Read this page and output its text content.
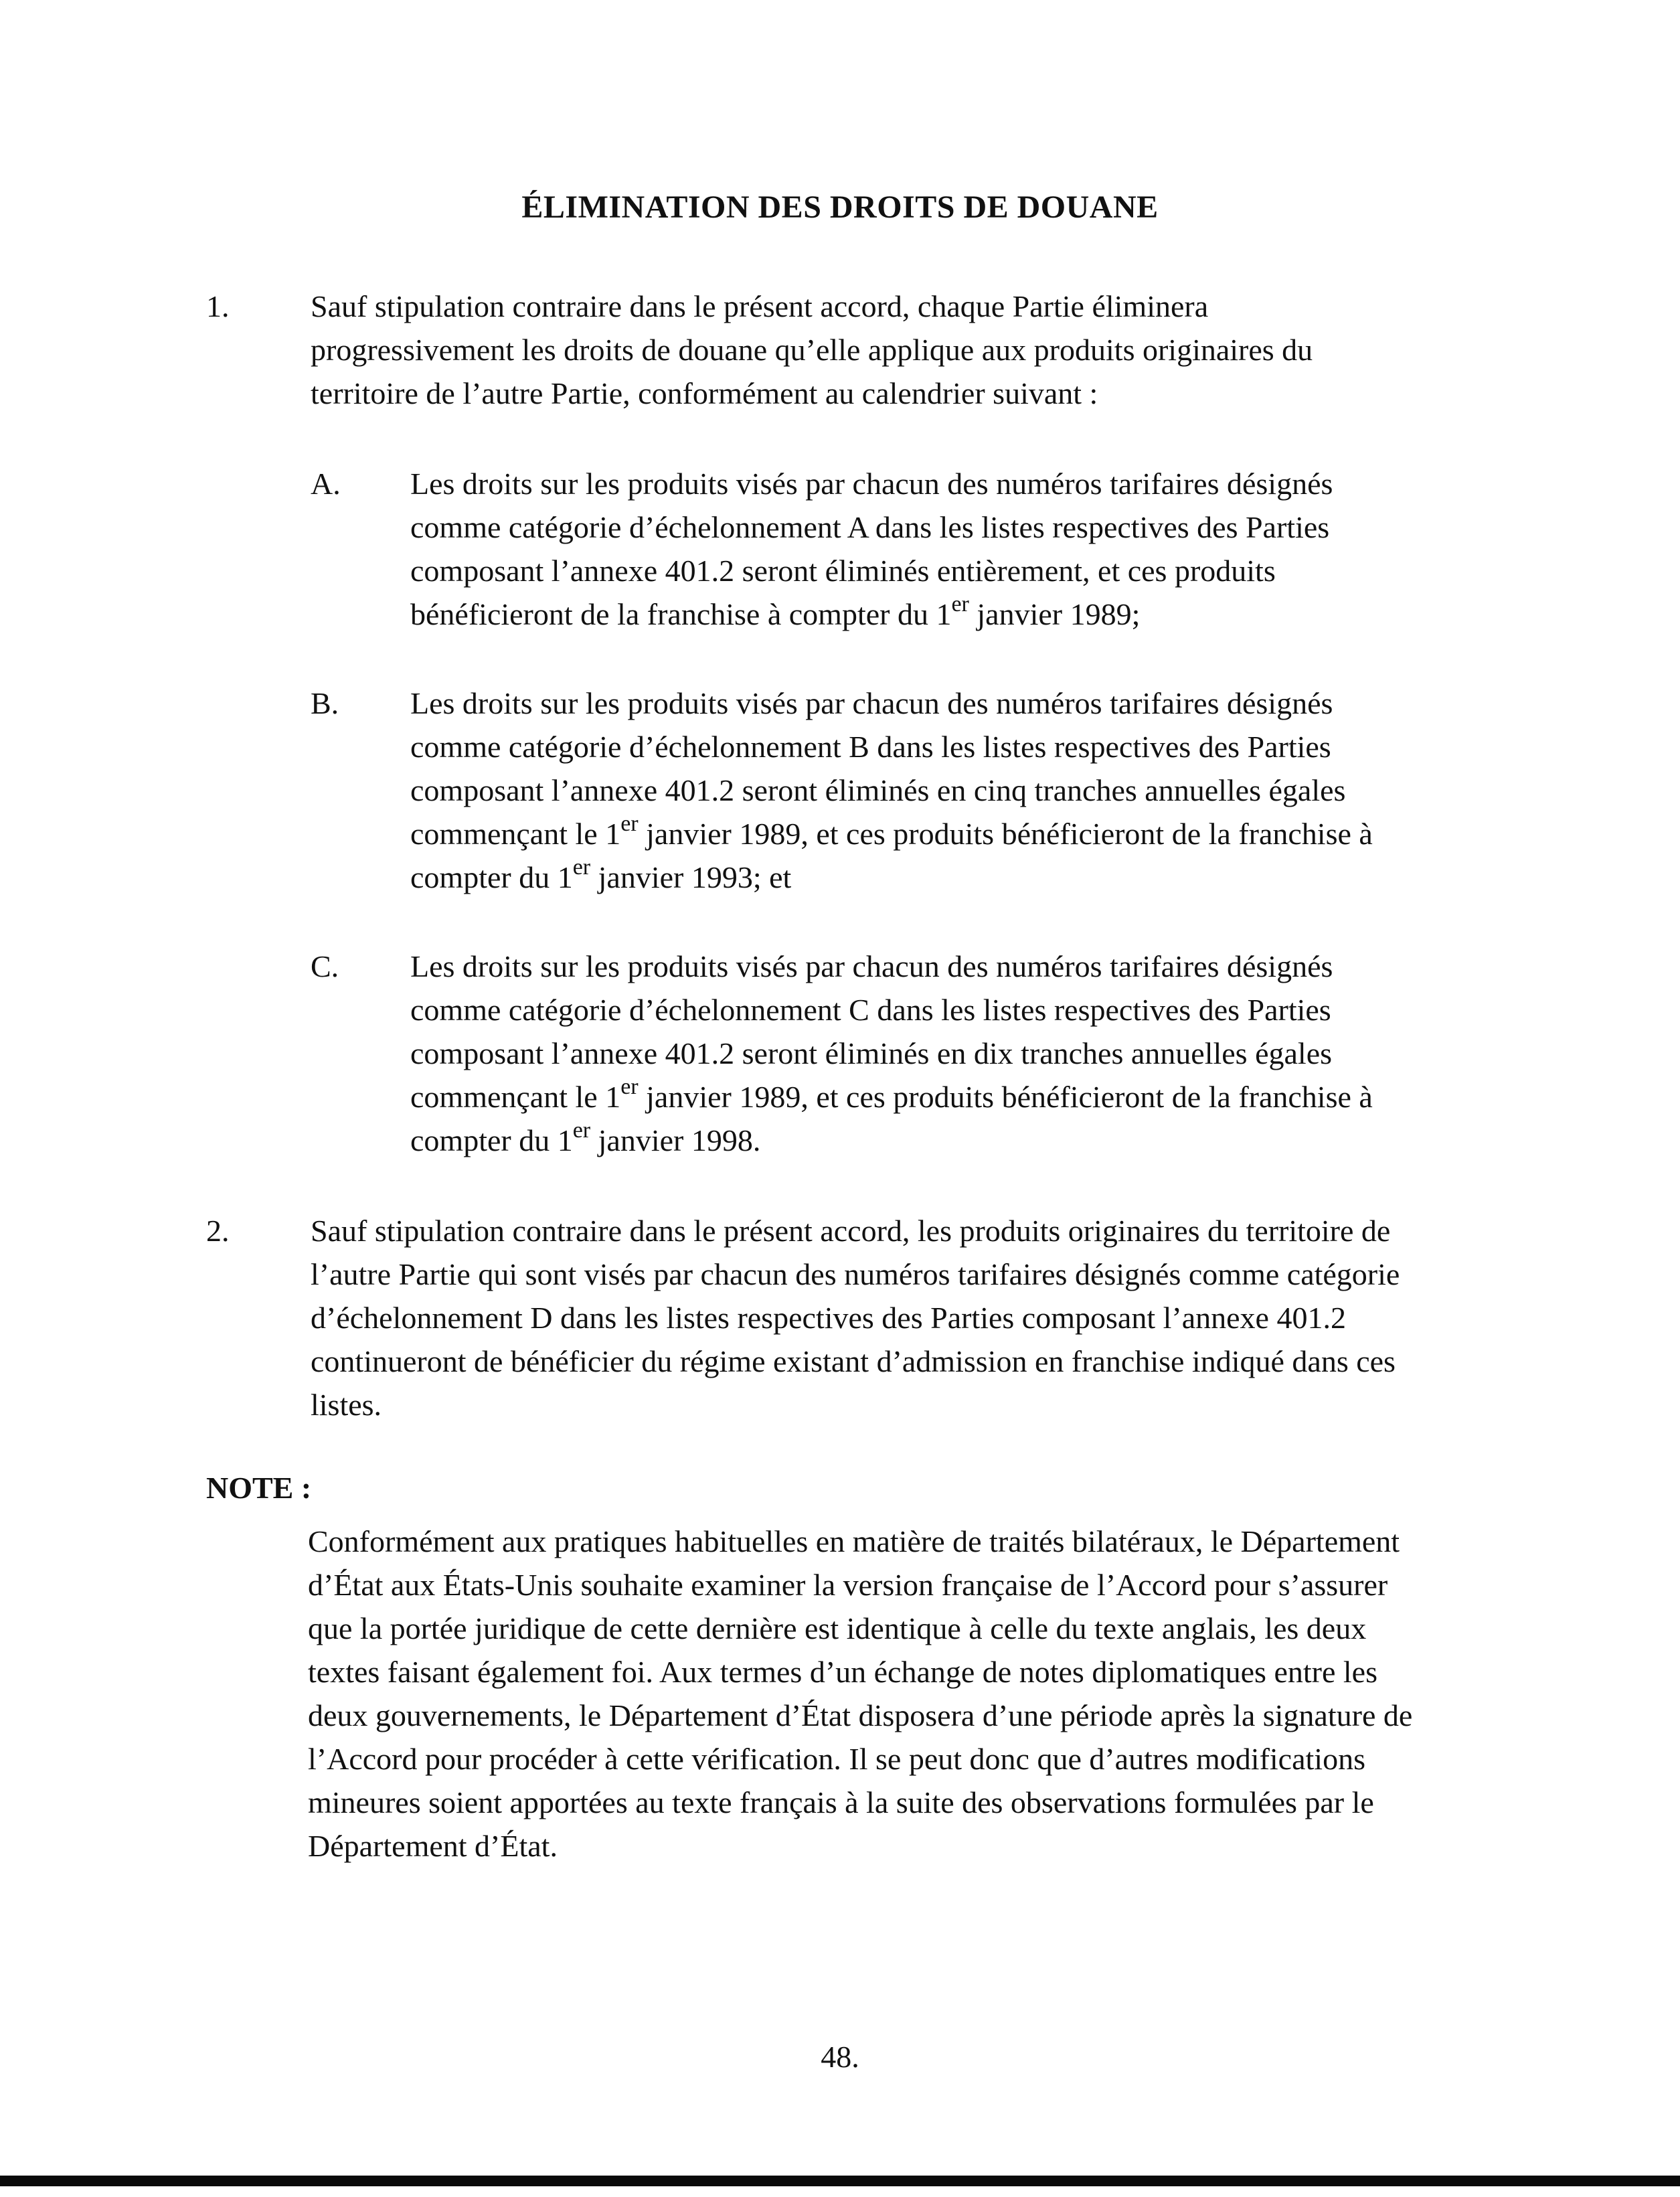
ÉLIMINATION DES DROITS DE DOUANE
1.	Sauf stipulation contraire dans le présent accord, chaque Partie éliminera
progressivement les droits de douane qu’elle applique aux produits originaires du
territoire de l’autre Partie, conformément au calendrier suivant :
A. Les droits sur les produits visés par chacun des numéros tarifaires désignés
comme catégorie d’échelonnement A dans les listes respectives des Parties
composant l’annexe 401.2 seront éliminés entièrement, et ces produits
bénéficieront de la franchise à compter du 1er janvier 1989;
B. Les droits sur les produits visés par chacun des numéros tarifaires désignés
comme catégorie d’échelonnement B dans les listes respectives des Parties
composant l’annexe 401.2 seront éliminés en cinq tranches annuelles égales
commençant le 1er janvier 1989, et ces produits bénéficieront de la franchise à
compter du 1er janvier 1993; et
C. Les droits sur les produits visés par chacun des numéros tarifaires désignés
comme catégorie d’échelonnement C dans les listes respectives des Parties
composant l’annexe 401.2 seront éliminés en dix tranches annuelles égales
commençant le 1er janvier 1989, et ces produits bénéficieront de la franchise à
compter du 1er janvier 1998.
2.	Sauf stipulation contraire dans le présent accord, les produits originaires du territoire de
l’autre Partie qui sont visés par chacun des numéros tarifaires désignés comme catégorie
d’échelonnement D dans les listes respectives des Parties composant l’annexe 401.2
continueront de bénéficier du régime existant d’admission en franchise indiqué dans ces
listes.
NOTE :
Conformément aux pratiques habituelles en matière de traités bilatéraux, le Département
d’État aux États-Unis souhaite examiner la version française de l’Accord pour s’assurer
que la portée juridique de cette dernière est identique à celle du texte anglais, les deux
textes faisant également foi. Aux termes d’un échange de notes diplomatiques entre les
deux gouvernements, le Département d’État disposera d’une période après la signature de
l’Accord pour procéder à cette vérification. Il se peut donc que d’autres modifications
mineures soient apportées au texte français à la suite des observations formulées par le
Département d’État.
48.
